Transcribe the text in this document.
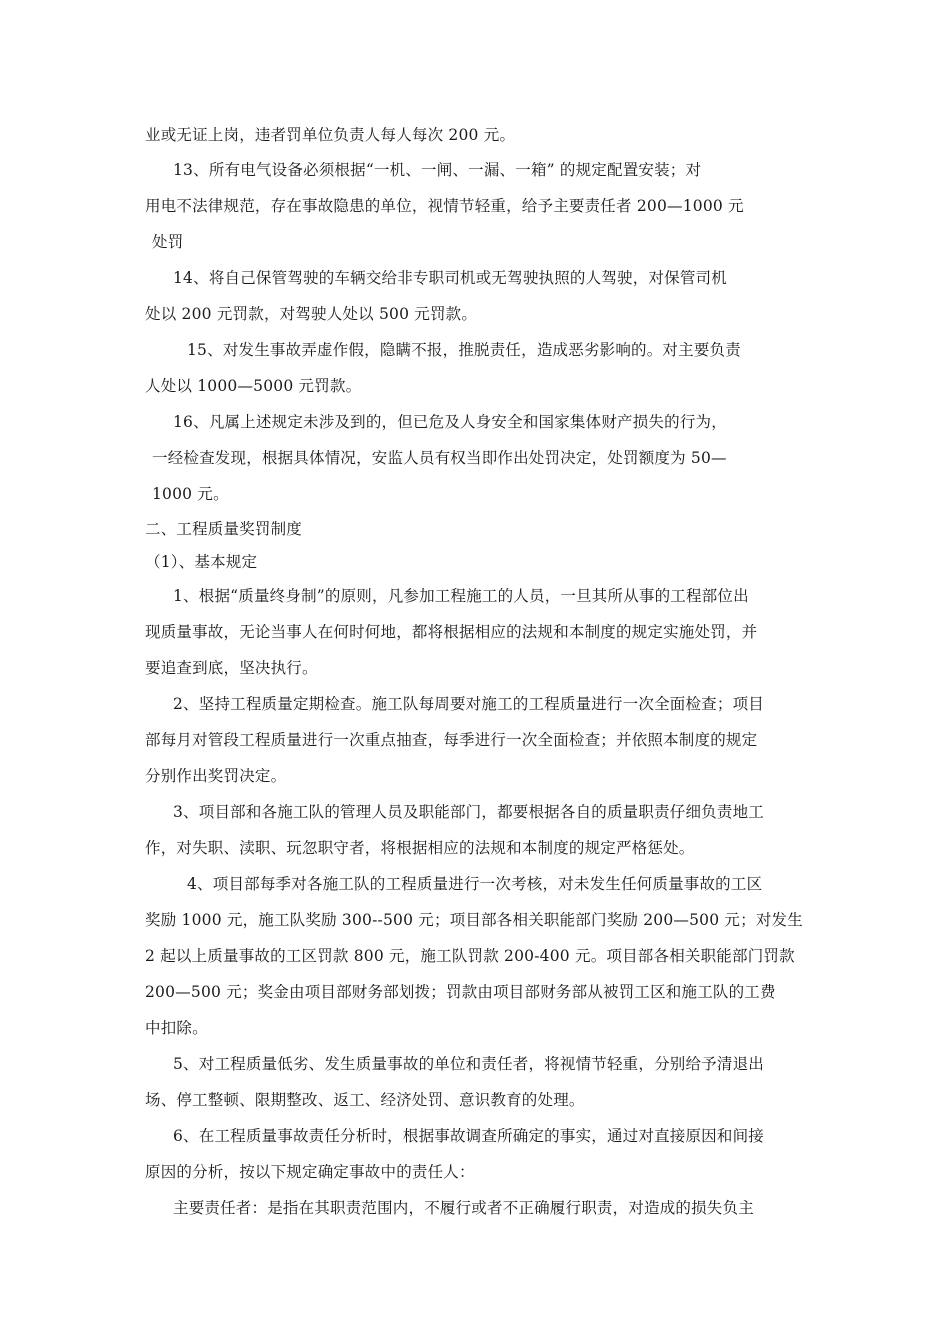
业或无证上岗，违者罚单位负责人每人每次 200 元。
13、所有电气设备必须根据“一机、一闸、一漏、一箱” 的规定配置安装；对
用电不法律规范，存在事故隐患的单位，视情节轻重，给予主要责任者 200—1000 元
处罚
14、将自己保管驾驶的车辆交给非专职司机或无驾驶执照的人驾驶，对保管司机
处以 200 元罚款，对驾驶人处以 500 元罚款。
15、对发生事故弄虚作假，隐瞒不报，推脱责任，造成恶劣影响的。对主要负责
人处以 1000—5000 元罚款。
16、凡属上述规定未涉及到的，但已危及人身安全和国家集体财产损失的行为，
一经检查发现，根据具体情况，安监人员有权当即作出处罚决定，处罚额度为 50—
1000 元。
二、工程质量奖罚制度
（1）、基本规定
1、根据“质量终身制”的原则，凡参加工程施工的人员，一旦其所从事的工程部位出
现质量事故，无论当事人在何时何地，都将根据相应的法规和本制度的规定实施处罚，并
要追查到底，坚决执行。
2、坚持工程质量定期检查。施工队每周要对施工的工程质量进行一次全面检查；项目
部每月对管段工程质量进行一次重点抽查，每季进行一次全面检查；并依照本制度的规定
分别作出奖罚决定。
3、项目部和各施工队的管理人员及职能部门，都要根据各自的质量职责仔细负责地工
作，对失职、渎职、玩忽职守者，将根据相应的法规和本制度的规定严格惩处。
4、项目部每季对各施工队的工程质量进行一次考核，对未发生任何质量事故的工区
奖励 1000 元，施工队奖励 300--500 元；项目部各相关职能部门奖励 200—500 元；对发生
2 起以上质量事故的工区罚款 800 元，施工队罚款 200-400 元。项目部各相关职能部门罚款
200—500 元；奖金由项目部财务部划拨；罚款由项目部财务部从被罚工区和施工队的工费
中扣除。
5、对工程质量低劣、发生质量事故的单位和责任者，将视情节轻重，分别给予清退出
场、停工整顿、限期整改、返工、经济处罚、意识教育的处理。
6、在工程质量事故责任分析时，根据事故调查所确定的事实，通过对直接原因和间接
原因的分析，按以下规定确定事故中的责任人：
主要责任者：是指在其职责范围内，不履行或者不正确履行职责，对造成的损失负主
